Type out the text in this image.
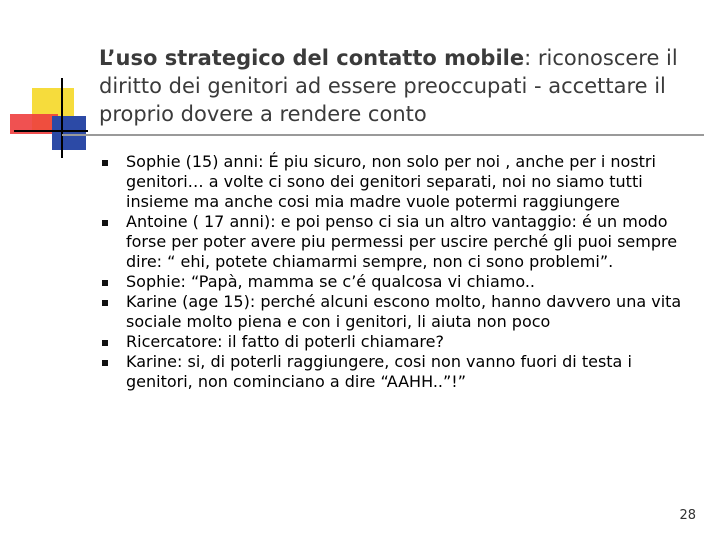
L’uso strategico del contatto mobile: riconoscere il diritto dei genitori ad essere preoccupati - accettare il proprio dovere a rendere conto
Sophie (15) anni: É piu sicuro, non solo per noi , anche per i nostri genitori… a volte ci sono dei genitori separati, noi no siamo tutti insieme ma anche cosi mia madre vuole potermi raggiungere
Antoine ( 17 anni): e poi penso ci sia un altro vantaggio: é un modo forse per poter avere piu permessi per uscire perché gli puoi sempre dire: “ ehi, potete chiamarmi sempre, non ci sono problemi”.
Sophie: “Papà, mamma se c’é qualcosa vi chiamo..
Karine (age 15): perché alcuni escono molto, hanno davvero una vita sociale molto piena e con i genitori, li aiuta non poco
Ricercatore: il fatto di poterli chiamare?
Karine: si, di poterli raggiungere, cosi non vanno fuori di testa i genitori, non cominciano a dire “AAHH..”!”
28
